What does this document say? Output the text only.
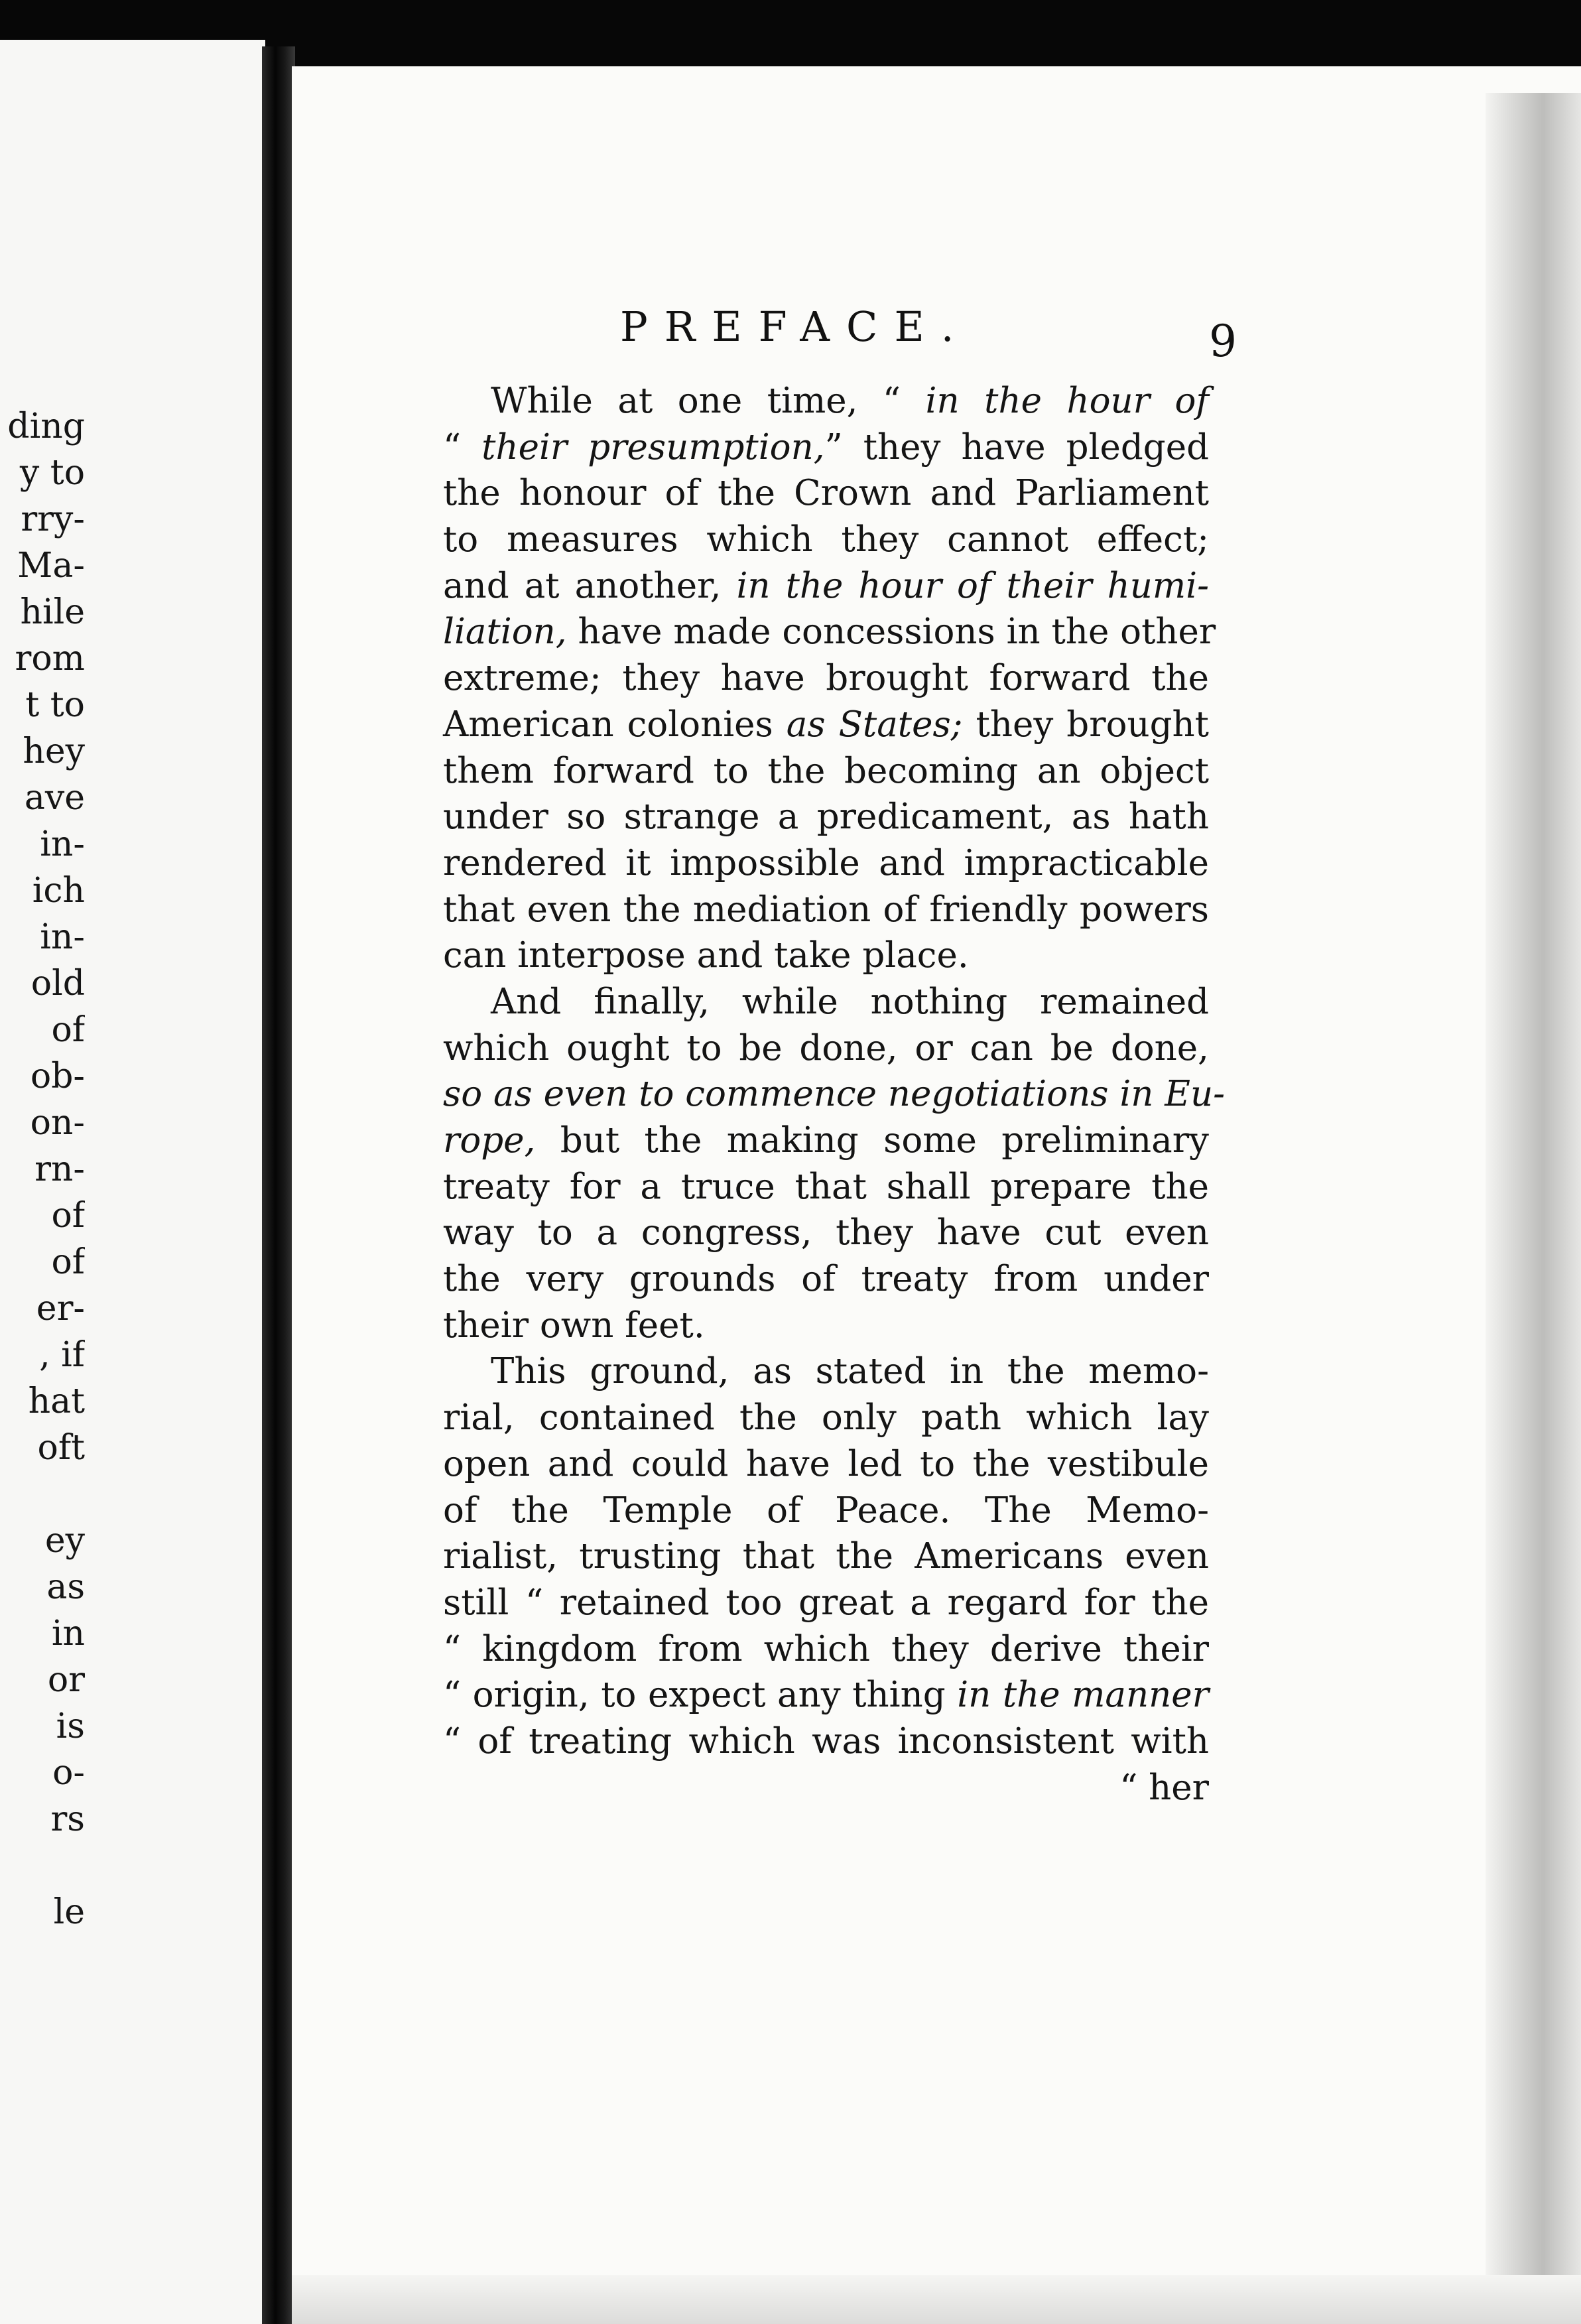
ding
y to
rry-
Ma-
hile
rom
t to
hey
ave
in-
ich
in-
old
of
ob-
on-
rn-
of
of
er-
, if
hat
oft
ey
as
in
or
is
o-
rs
le
PREFACE.	9
While at one time, “ in the hour of
“ their presumption,” they have pledged
the honour of the Crown and Parliament
to measures which they cannot effect;
and at another, in the hour of their humi-
liation, have made concessions in the other
extreme; they have brought forward the
American colonies as States; they brought
them forward to the becoming an object
under so strange a predicament, as hath
rendered it impossible and impracticable
that even the mediation of friendly powers
can interpose and take place.
And finally, while nothing remained
which ought to be done, or can be done,
so as even to commence negotiations in Eu-
rope, but the making some preliminary
treaty for a truce that shall prepare the
way to a congress, they have cut even
the very grounds of treaty from under
their own feet.
This ground, as stated in the memo-
rial, contained the only path which lay
open and could have led to the vestibule
of the Temple of Peace. The Memo-
rialist, trusting that the Americans even
still “ retained too great a regard for the
“ kingdom from which they derive their
“ origin, to expect any thing in the manner
“ of treating which was inconsistent with
“ her
